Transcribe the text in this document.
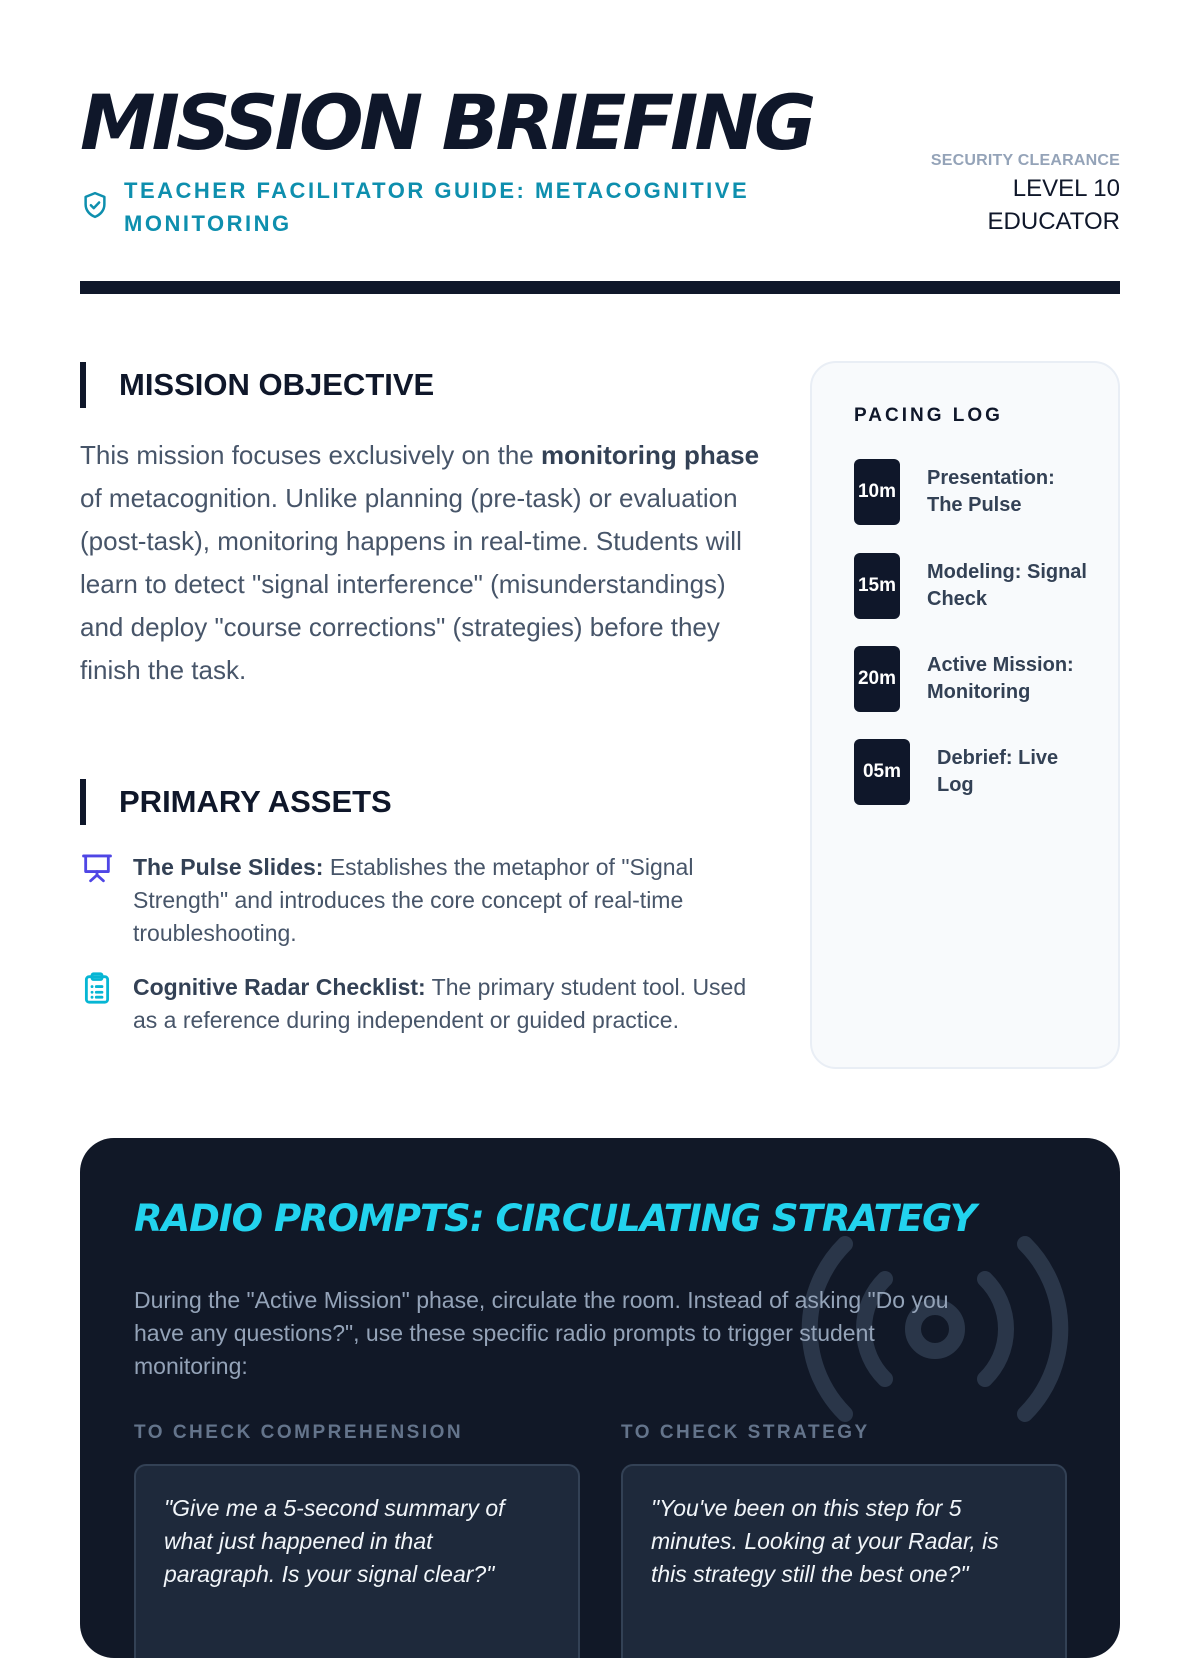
MISSION BRIEFING
TEACHER FACILITATOR GUIDE: METACOGNITIVE MONITORING
SECURITY CLEARANCE
LEVEL 10 EDUCATOR
MISSION OBJECTIVE
This mission focuses exclusively on the monitoring phase of metacognition. Unlike planning (pre-task) or evaluation (post-task), monitoring happens in real-time. Students will learn to detect "signal interference" (misunderstandings) and deploy "course corrections" (strategies) before they finish the task.
PRIMARY ASSETS
The Pulse Slides: Establishes the metaphor of "Signal Strength" and introduces the core concept of real-time troubleshooting.
Cognitive Radar Checklist: The primary student tool. Used as a reference during independent or guided practice.
PACING LOG
10m
Presentation: The Pulse
15m
Modeling: Signal Check
20m
Active Mission: Monitoring
05m
Debrief: Live Log
RADIO PROMPTS: CIRCULATING STRATEGY
During the "Active Mission" phase, circulate the room. Instead of asking "Do you have any questions?", use these specific radio prompts to trigger student monitoring:
TO CHECK COMPREHENSION
"Give me a 5-second summary of what just happened in that paragraph. Is your signal clear?"
TO CHECK STRATEGY
"You've been on this step for 5 minutes. Looking at your Radar, is this strategy still the best one?"
